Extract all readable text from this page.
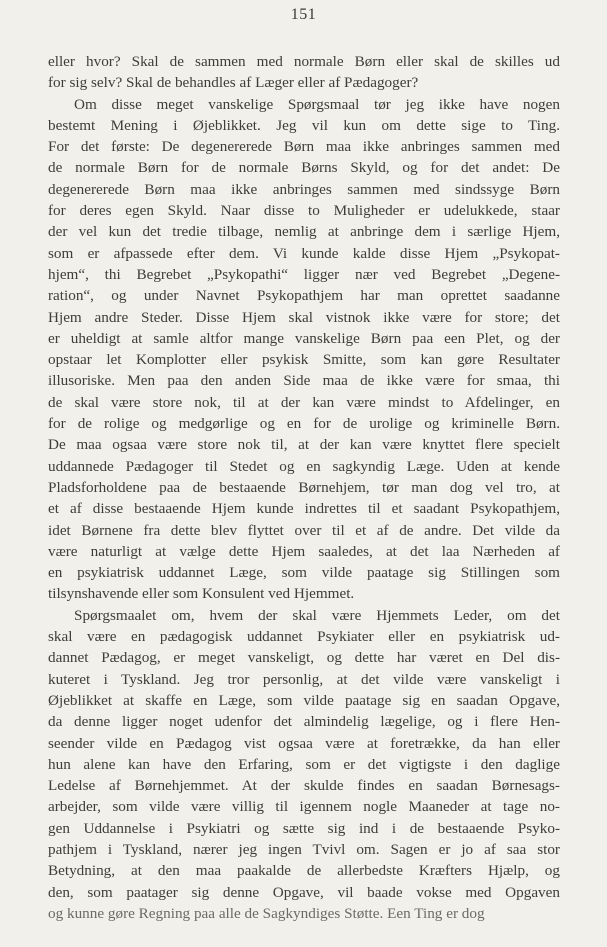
151
eller hvor? Skal de sammen med normale Børn eller skal de skilles ud
for sig selv? Skal de behandles af Læger eller af Pædagoger?
Om disse meget vanskelige Spørgsmaal tør jeg ikke have nogen
bestemt Mening i Øjeblikket. Jeg vil kun om dette sige to Ting.
For det første: De degenererede Børn maa ikke anbringes sammen med
de normale Børn for de normale Børns Skyld, og for det andet: De
degenererede Børn maa ikke anbringes sammen med sindssyge Børn
for deres egen Skyld. Naar disse to Muligheder er udelukkede, staar
der vel kun det tredie tilbage, nemlig at anbringe dem i særlige Hjem,
som er afpassede efter dem. Vi kunde kalde disse Hjem „Psykopat-
hjem“, thi Begrebet „Psykopathi“ ligger nær ved Begrebet „Degene-
ration“, og under Navnet Psykopathjem har man oprettet saadanne
Hjem andre Steder. Disse Hjem skal vistnok ikke være for store; det
er uheldigt at samle altfor mange vanskelige Børn paa een Plet, og der
opstaar let Komplotter eller psykisk Smitte, som kan gøre Resultater
illusoriske. Men paa den anden Side maa de ikke være for smaa, thi
de skal være store nok, til at der kan være mindst to Afdelinger, en
for de rolige og medgørlige og en for de urolige og kriminelle Børn.
De maa ogsaa være store nok til, at der kan være knyttet flere specielt
uddannede Pædagoger til Stedet og en sagkyndig Læge. Uden at kende
Pladsforholdene paa de bestaaende Børnehjem, tør man dog vel tro, at
et af disse bestaaende Hjem kunde indrettes til et saadant Psykopathjem,
idet Børnene fra dette blev flyttet over til et af de andre. Det vilde da
være naturligt at vælge dette Hjem saaledes, at det laa Nærheden af
en psykiatrisk uddannet Læge, som vilde paatage sig Stillingen som
tilsynshavende eller som Konsulent ved Hjemmet.
Spørgsmaalet om, hvem der skal være Hjemmets Leder, om det
skal være en pædagogisk uddannet Psykiater eller en psykiatrisk ud-
dannet Pædagog, er meget vanskeligt, og dette har været en Del dis-
kuteret i Tyskland. Jeg tror personlig, at det vilde være vanskeligt i
Øjeblikket at skaffe en Læge, som vilde paatage sig en saadan Opgave,
da denne ligger noget udenfor det almindelig lægelige, og i flere Hen-
seender vilde en Pædagog vist ogsaa være at foretrække, da han eller
hun alene kan have den Erfaring, som er det vigtigste i den daglige
Ledelse af Børnehjemmet. At der skulde findes en saadan Børnesags-
arbejder, som vilde være villig til igennem nogle Maaneder at tage no-
gen Uddannelse i Psykiatri og sætte sig ind i de bestaaende Psyko-
pathjem i Tyskland, nærer jeg ingen Tvivl om. Sagen er jo af saa stor
Betydning, at den maa paakalde de allerbedste Kræfters Hjælp, og
den, som paatager sig denne Opgave, vil baade vokse med Opgaven
og kunne gøre Regning paa alle de Sagkyndiges Støtte. Een Ting er dog
